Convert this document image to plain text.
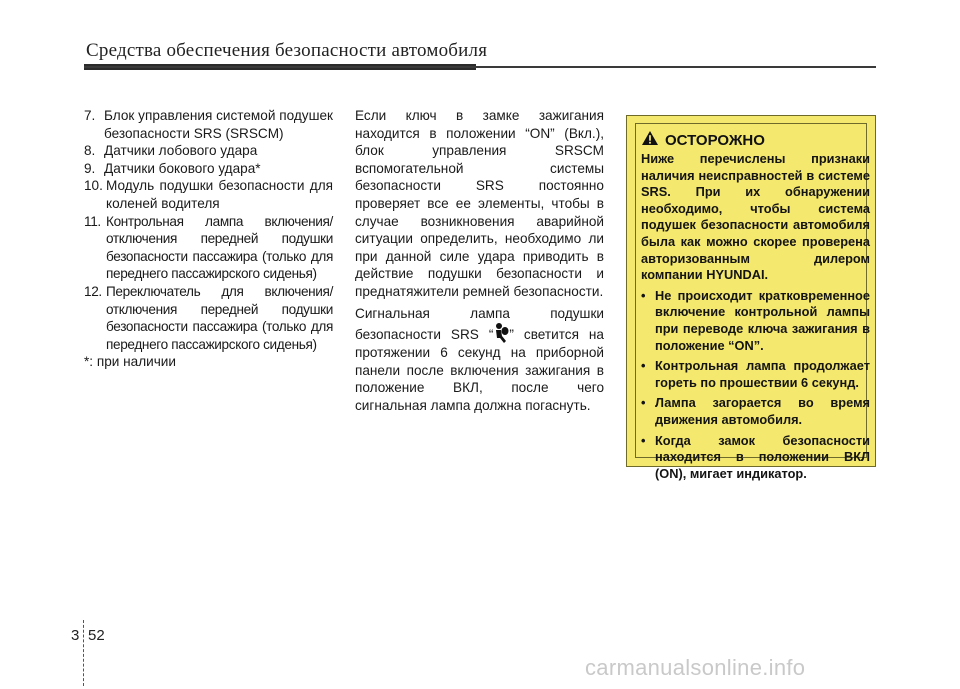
Средства обеспечения безопасности автомобиля
7. Блок управления системой подушек безопасности SRS (SRSCM)
8. Датчики лобового удара
9. Датчики бокового удара*
10. Модуль подушки безопасности для коленей водителя
11. Контрольная лампа включения/отключения передней подушки безопасности пассажира (только для переднего пассажирского сиденья)
12. Переключатель для включения/отключения передней подушки безопасности пассажира (только для переднего пассажирского сиденья)
*: при наличии

Если ключ в замке зажигания находится в положении “ON” (Вкл.), блок управления SRSCM вспомогательной системы безопасности SRS постоянно проверяет все ее элементы, чтобы в случае возникновения аварийной ситуации определить, необходимо ли при данной силе удара приводить в действие подушки безопасности и преднатяжители ремней безопасности.

Сигнальная лампа подушки безопасности SRS “ ” светится на протяжении 6 секунд на приборной панели после включения зажигания в положение ВКЛ, после чего сигнальная лампа должна погаснуть.

ОСТОРОЖНО

Ниже перечислены признаки наличия неисправностей в системе SRS. При их обнаружении необходимо, чтобы система подушек безопасности автомобиля была как можно скорее проверена авторизованным дилером компании HYUNDAI.

• Не происходит кратковременное включение контрольной лампы при переводе ключа зажигания в положение “ON”.
• Контрольная лампа продолжает гореть по прошествии 6 секунд.
• Лампа загорается во время движения автомобиля.
• Когда замок безопасности находится в положении ВКЛ (ON), мигает индикатор.
3 52
carmanualsonline.info
